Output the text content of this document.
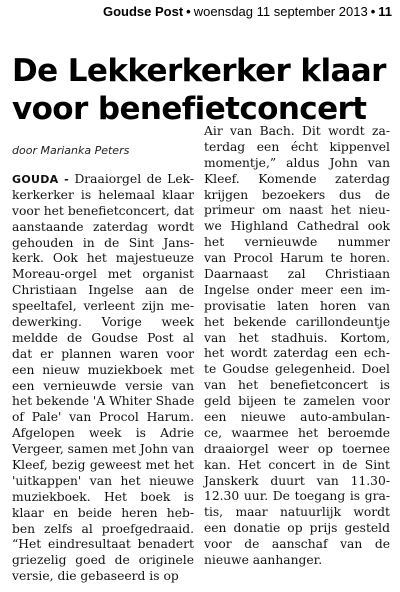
Goudse Post • woensdag 11 september 2013 • 11
De Lekkerkerker klaar
voor benefietconcert
door Marianka Peters
GOUDA - Draaiorgel de Lek-
kerkerker is helemaal klaar
voor het benefietconcert, dat
aanstaande zaterdag wordt
gehouden in de Sint Jans-
kerk. Ook het majestueuze
Moreau-orgel met organist
Christiaan Ingelse aan de
speeltafel, verleent zijn me-
dewerking. Vorige week
meldde de Goudse Post al
dat er plannen waren voor
een nieuw muziekboek met
een vernieuwde versie van
het bekende 'A Whiter Shade
of Pale' van Procol Harum.
Afgelopen week is Adrie
Vergeer, samen met John van
Kleef, bezig geweest met het
'uitkappen' van het nieuwe
muziekboek. Het boek is
klaar en beide heren heb-
ben zelfs al proefgedraaid.
“Het eindresultaat benadert
griezelig goed de originele
versie, die gebaseerd is op
Air van Bach. Dit wordt za-
terdag een écht kippenvel
momentje,” aldus John van
Kleef. Komende zaterdag
krijgen bezoekers dus de
primeur om naast het nieu-
we Highland Cathedral ook
het vernieuwde nummer
van Procol Harum te horen.
Daarnaast zal Christiaan
Ingelse onder meer een im-
provisatie laten horen van
het bekende carillondeuntje
van het stadhuis. Kortom,
het wordt zaterdag een ech-
te Goudse gelegenheid. Doel
van het benefietconcert is
geld bijeen te zamelen voor
een nieuwe auto-ambulan-
ce, waarmee het beroemde
draaiorgel weer op toernee
kan. Het concert in de Sint
Janskerk duurt van 11.30-
12.30 uur. De toegang is gra-
tis, maar natuurlijk wordt
een donatie op prijs gesteld
voor de aanschaf van de
nieuwe aanhanger.
